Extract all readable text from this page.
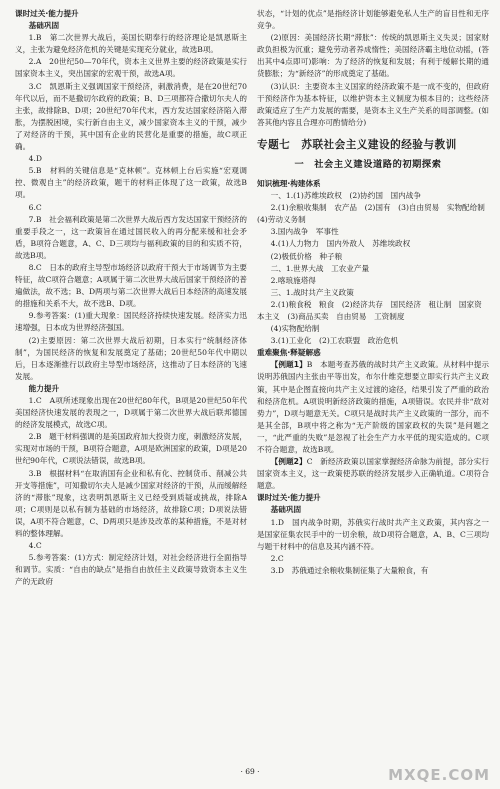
课时过关·能力提升

基础巩固

1.B　第二次世界大战后，美国长期奉行的经济理论是凯恩斯主义，主张为避免经济危机的关键是实现充分就业，故选B项。

2.A　20世纪50—70年代，资本主义世界主要的经济政策是实行国家资本主义，突出国家的宏观干预，故选A项。

3.C　凯恩斯主义强调国家干预经济，刺激消费，是在20世纪70年代以后，而不是撒切尔政府的政策；B、D三项都符合撒切尔夫人的主张，故排除B、D项；20世纪70年代末，西方发达国家经济陷入滞胀，为摆脱困境，实行新自由主义，减少国家资本主义的干预，减少了对经济的干预，其中国有企业的民营化是重要的措施，故C项正确。

4.D

5.B　材料的关键信息是“克林顿”。克林顿上台后实施“宏观调控、微观自主”的经济政策，题干的材料正体现了这一政策，故选B项。

6.C

7.B　社会福利政策是第二次世界大战后西方发达国家干预经济的重要手段之一，这一政策旨在通过国民收入的再分配来缓和社会矛盾，B项符合题意，A、C、D三项均与福利政策的目的和实质不符，故选B项。

8.C　日本的政府主导型市场经济以政府干预大于市场调节为主要特征，故C项符合题意；A项属于第二次世界大战后国家干预经济的普遍做法，故不选；B、D两项与第二次世界大战后日本经济的高速发展的措施和关系不大，故不选B、D项。

9.参考答案：(1)重大现象：国民经济持续快速发展。经济实力迅速增强，日本成为世界经济强国。

(2)主要原因：第二次世界大战后初期，日本实行“统制经济体制”，为国民经济的恢复和发展奠定了基础；20世纪50年代中期以后，日本逐渐推行以政府主导型市场经济，这推动了日本经济的飞速发展。

能力提升

1.C　A项所述现象出现在20世纪80年代，B项是20世纪50年代美国经济快速发展的表现之一，D项属于第二次世界大战后联邦德国的经济发展模式，故选C项。

2.B　题干材料强调的是美国政府加大投资力度，刺激经济发展，实现对市场的干预，B项符合题意，A项是欧洲国家的政策，D项是20世纪90年代，C项说法错误，故选B项。

3.B　根据材料“在取消国有企业和私有化、控制货币、削减公共开支等措施”，可知撒切尔夫人是减少国家对经济的干预，从而缓解经济的“滞胀”现象，这表明凯恩斯主义已经受到质疑或挑战，排除A项；C项则是以私有制为基础的市场经济，故排除C项；D项说法错误，A项不符合题意，C、D两项只是涉及改革的某种措施，不是对材料的整体理解。

4.C

5.参考答案：(1)方式：制定经济计划，对社会经济进行全面指导和调节。实质：“自由的缺点”是指自由放任主义政策导致资本主义生产的无政府

状态，“计划的优点”是指经济计划能够避免私人生产的盲目性和无序竞争。

(2)原因：美国经济长期“滞胀”：传统的凯恩斯主义失灵；国家财政负担极为沉重；避免劳动者养成惰性；美国经济霸主地位动摇，(答出其中4点即可)影响：为了经济的恢复和发展；有利于缓解长期的通货膨胀；为“新经济”的形成奠定了基础。

(3)认识：主要资本主义国家的经济政策不是一成不变的，但政府干预经济作为基本特征，以维护资本主义制度为根本目的；这些经济政策适应了生产力发展的需要，是资本主义生产关系的局部调整。(如答其他内容且合理亦可酌情给分)

专题七　苏联社会主义建设的经验与教训

一 社会主义建设道路的初期探索

知识梳理·构建体系

一、1.(1)苏维埃政权　(2)协约国　国内战争

2.(1)余粮收集制　农产品　(2)国有　(3)自由贸易　实物配给制　(4)劳动义务制

3.国内战争　军事性

4.(1)人力物力　国内外敌人　苏维埃政权

(2)极低价格　种子粮

二、1.世界大战　工农业产量

2.喀琅施塔得

三、1.战时共产主义政策

2.(1)粮食税　粮食　(2)经济共存　国民经济　租让制　国家资本主义　(3)商品买卖　自由贸易　工资制度

(4)实物配给制

3.(1)工业化　(2)工农联盟　政治危机

重难聚焦·释疑解惑

【例题1】B　 本题考查苏俄的战时共产主义政策。从材料中提示说明苏俄国内主张由平等出发，布尔什维克想要立即实行共产主义政策，其中是企图直接向共产主义过渡的途径，结果引发了严重的政治和经济危机。A项说明新经济政策的措施，A项错误。农民并非“敌对势力”，D项与题意无关。C项只是战时共产主义政策的一部分，而不是其全部，B项中将之称为“无产阶级的国家政权的失误”是问题之一，“此严重的失败”是忽视了社会生产力水平低的现实造成的。C项不符合题意，故选B项。

【例题2】C　 新经济政策以国家掌握经济命脉为前提，部分实行国家资本主义，这一政策使苏联的经济发展步入正确轨道。C项符合题意。

课时过关·能力提升

基础巩固

1.D　国内战争时期，苏俄实行战时共产主义政策，其内容之一是国家征集农民手中的一切余粮，故D项符合题意，A、B、C三项均与题干材料中的信息及其内涵不符。

2.C

3.D　苏俄通过余粮收集制征集了大量粮食，有

· 69 ·	MXQE.COM
